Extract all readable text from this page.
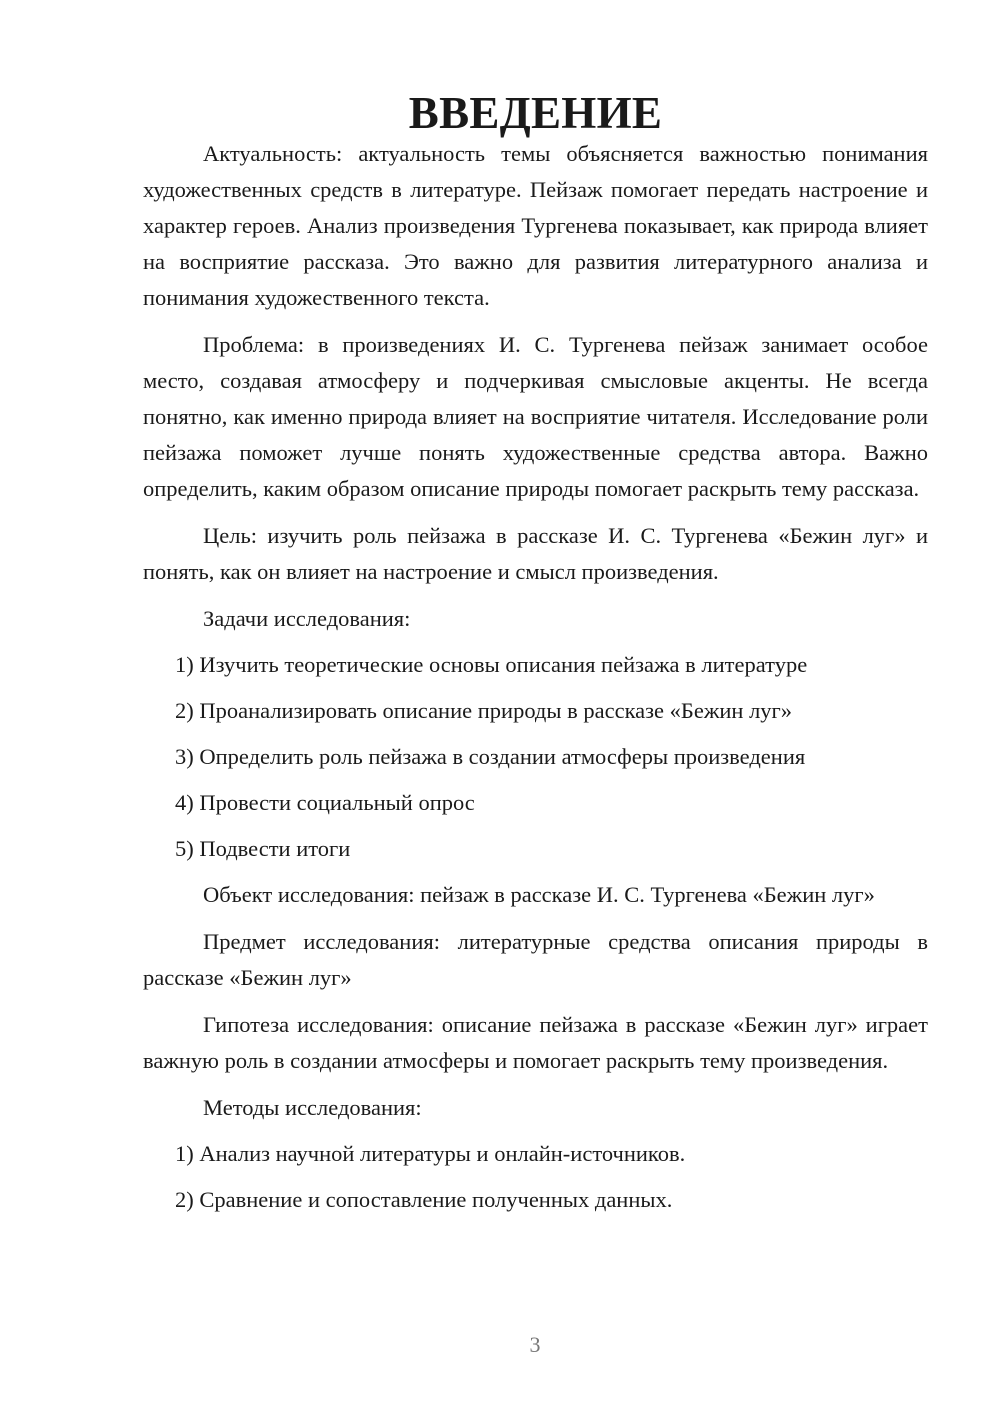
ВВЕДЕНИЕ

Актуальность: актуальность темы объясняется важностью понимания художественных средств в литературе. Пейзаж помогает передать настроение и характер героев. Анализ произведения Тургенева показывает, как природа влияет на восприятие рассказа. Это важно для развития литературного анализа и понимания художественного текста.

Проблема: в произведениях И. С. Тургенева пейзаж занимает особое место, создавая атмосферу и подчеркивая смысловые акценты. Не всегда понятно, как именно природа влияет на восприятие читателя. Исследование роли пейзажа поможет лучше понять художественные средства автора. Важно определить, каким образом описание природы помогает раскрыть тему рассказа.

Цель: изучить роль пейзажа в рассказе И. С. Тургенева «Бежин луг» и понять, как он влияет на настроение и смысл произведения.

Задачи исследования:

1) Изучить теоретические основы описания пейзажа в литературе
2) Проанализировать описание природы в рассказе «Бежин луг»
3) Определить роль пейзажа в создании атмосферы произведения
4) Провести социальный опрос
5) Подвести итоги

Объект исследования: пейзаж в рассказе И. С. Тургенева «Бежин луг»

Предмет исследования: литературные средства описания природы в рассказе «Бежин луг»

Гипотеза исследования: описание пейзажа в рассказе «Бежин луг» играет важную роль в создании атмосферы и помогает раскрыть тему произведения.

Методы исследования:

1) Анализ научной литературы и онлайн-источников.
2) Сравнение и сопоставление полученных данных.
3
